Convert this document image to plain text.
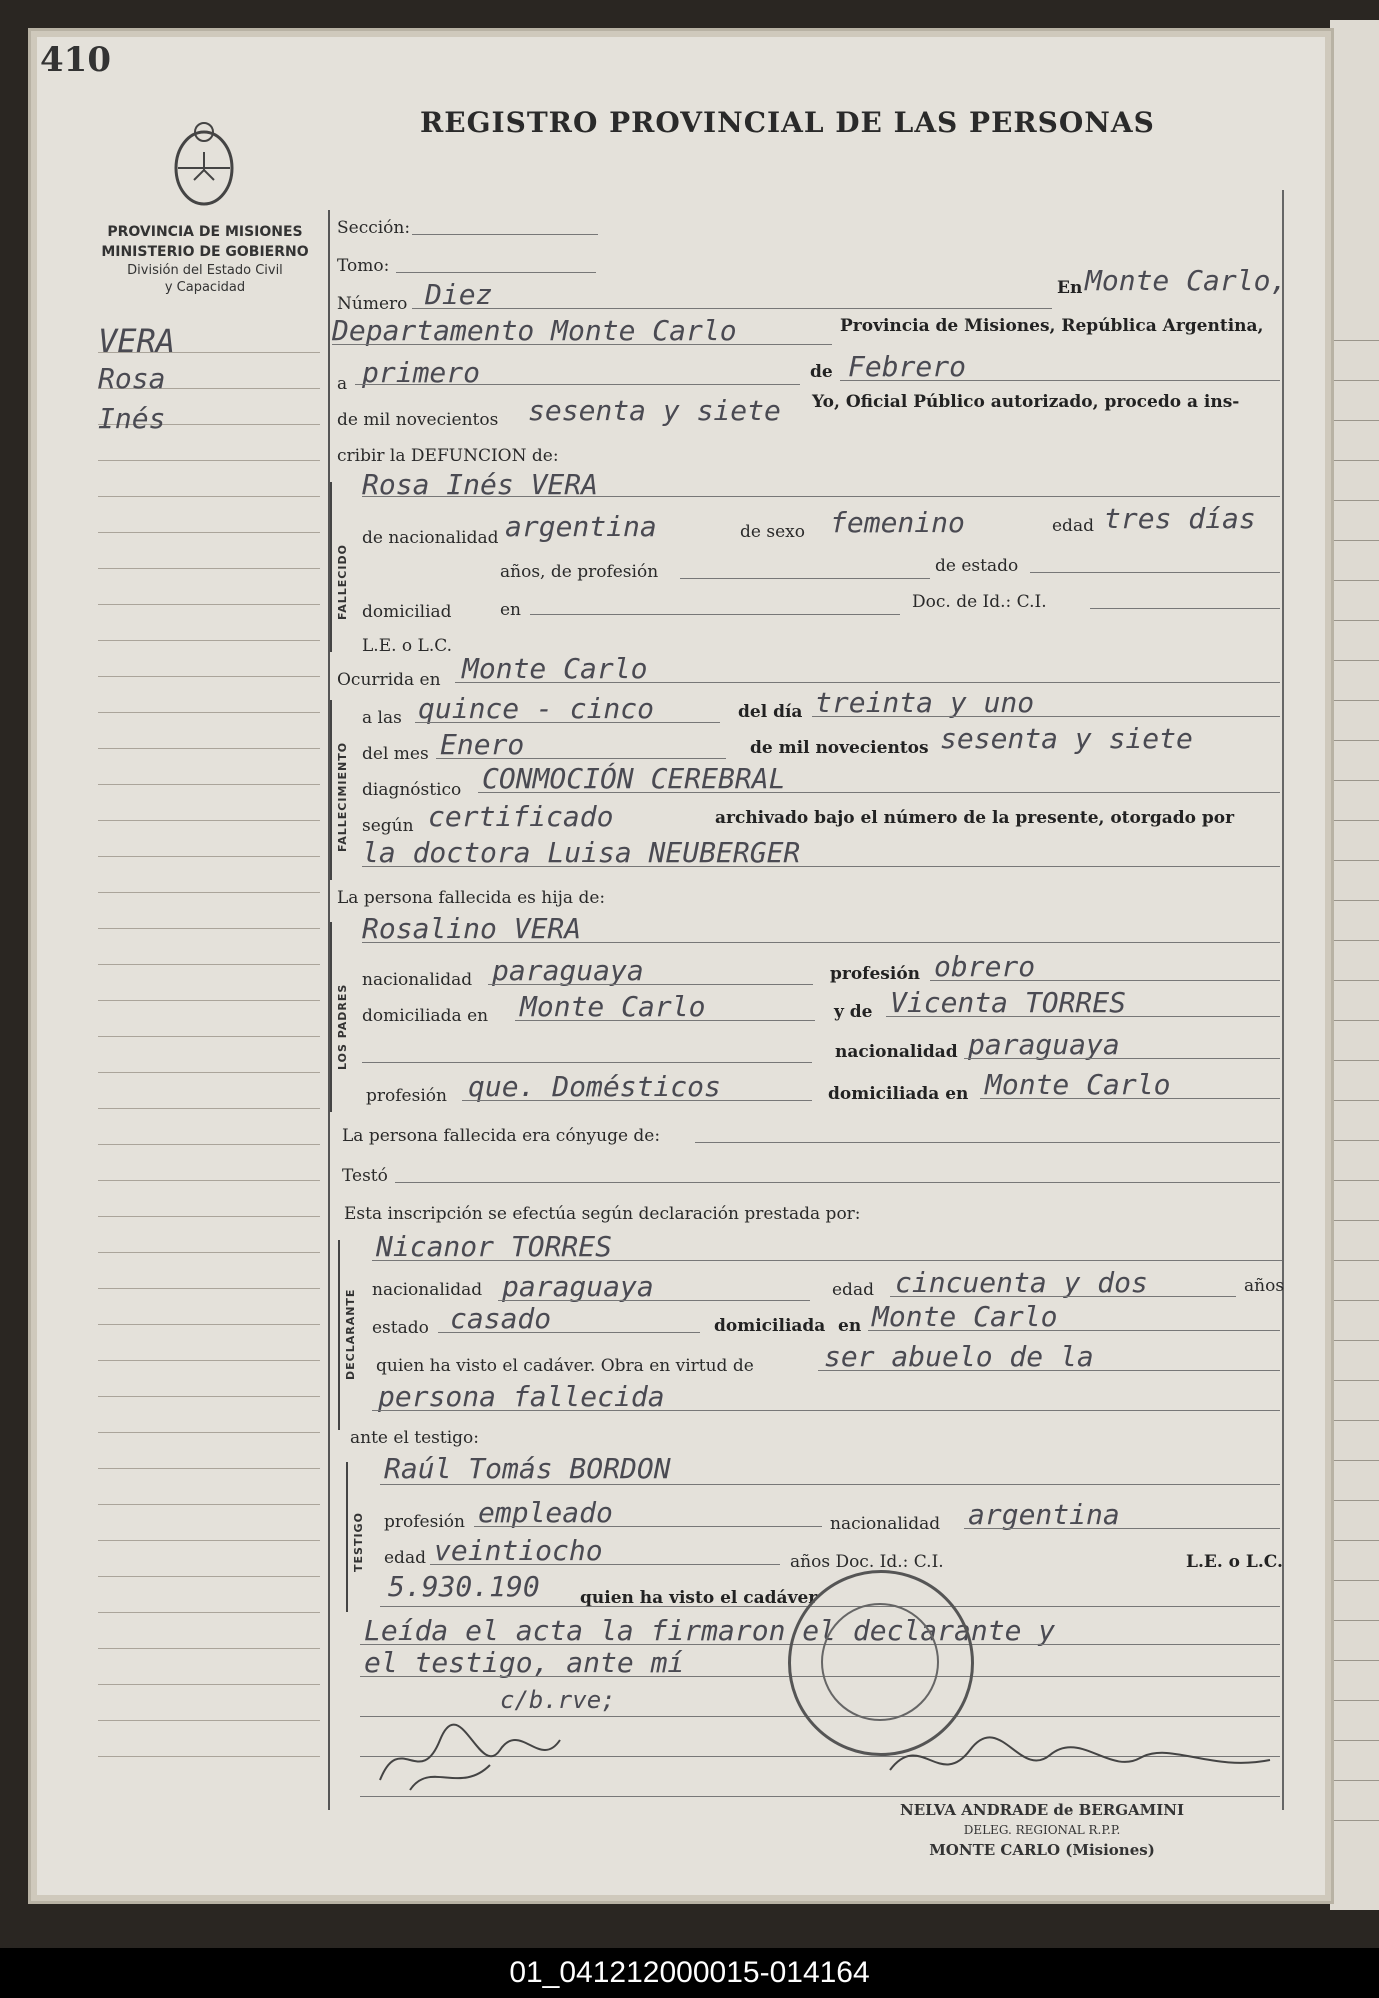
410
REGISTRO PROVINCIAL DE LAS PERSONAS
PROVINCIA DE MISIONES
MINISTERIO DE GOBIERNO
División del Estado Civil
y Capacidad
VERA
Rosa
Inés
Sección:
Tomo:
Número Diez	En Monte Carlo,
Departamento Monte Carlo	Provincia de Misiones, República Argentina,
a primero	de Febrero
de mil novecientos sesenta y siete Yo, Oficial Público autorizado, procedo a ins-
cribir la DEFUNCION de:
FALLECIDO
Rosa Inés VERA
de nacionalidad argentina	de sexo femenino	edad tres días
años, de profesión	de estado
domiciliad	en	Doc. de Id.: C.I.
L.E. o L.C.
Ocurrida en Monte Carlo
FALLECIMIENTO
a las quince - cinco	del día treinta y uno
del mes Enero	de mil novecientos sesenta y siete
diagnóstico CONMOCIÓN CEREBRAL
según certificado	archivado bajo el número de la presente, otorgado por
la doctora Luisa NEUBERGER
La persona fallecida es hija de:
LOS PADRES
Rosalino VERA
nacionalidad paraguaya	profesión obrero
domiciliada en Monte Carlo	y de Vicenta TORRES
nacionalidad paraguaya
profesión que. Domésticos	domiciliada en Monte Carlo
La persona fallecida era cónyuge de:
Testó
Esta inscripción se efectúa según declaración prestada por:
DECLARANTE
Nicanor TORRES
nacionalidad paraguaya	edad cincuenta y dos	años
estado casado	domiciliada en Monte Carlo
quien ha visto el cadáver. Obra en virtud de	ser abuelo de la
persona fallecida
ante el testigo:
TESTIGO
Raúl Tomás BORDON
profesión empleado	nacionalidad argentina
edad veintiocho	años Doc. Id.: C.I.	L.E. o L.C.
5.930.190 quien ha visto el cadáver
Leída el acta la firmaron el declarante y
el testigo, ante mí
c/b.rve;
NELVA ANDRADE de BERGAMINI
DELEG. REGIONAL R.P.P.
MONTE CARLO (Misiones)
01_041212000015-014164
